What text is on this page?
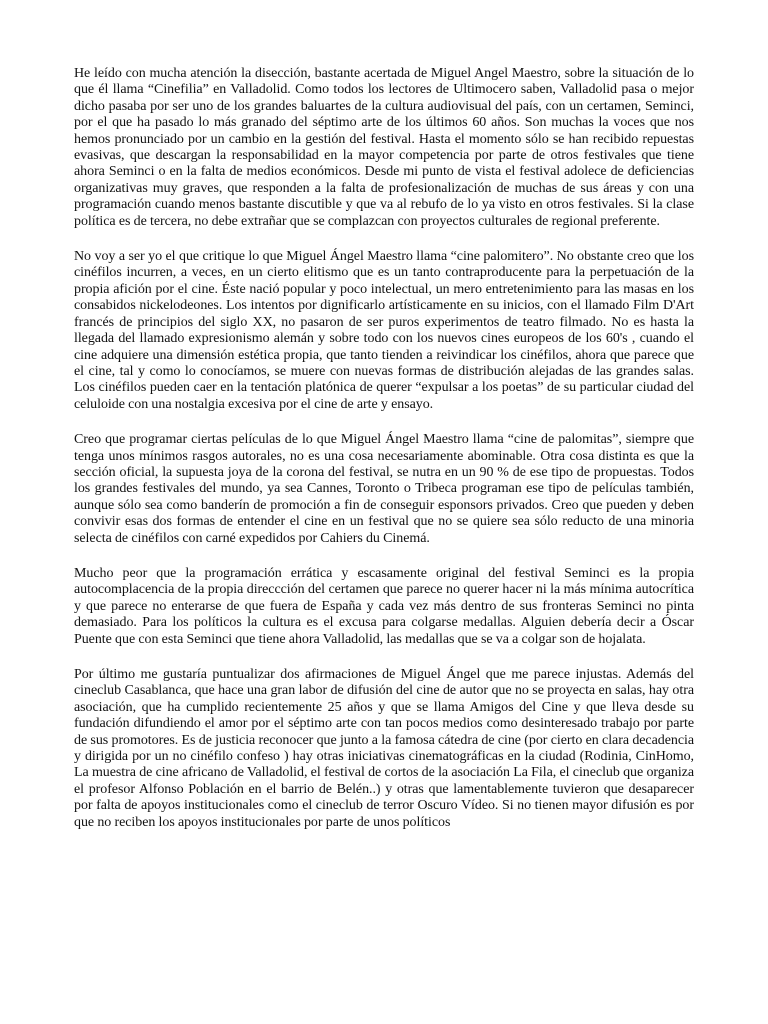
He leído con mucha atención la disección, bastante acertada de Miguel Angel Maestro, sobre la situación de lo que él llama “Cinefilia” en Valladolid. Como todos los lectores de Ultimocero saben, Valladolid pasa o mejor dicho pasaba por ser uno de los grandes baluartes de la cultura audiovisual del país, con un certamen, Seminci, por el que ha pasado lo más granado del séptimo arte de los últimos 60 años. Son muchas la voces que nos hemos pronunciado por un cambio en la gestión del festival. Hasta el momento sólo se han recibido repuestas evasivas, que descargan la responsabilidad en la mayor competencia por parte de otros festivales que tiene ahora Seminci o en la falta de medios económicos. Desde mi punto de vista el festival adolece de deficiencias organizativas muy graves, que responden a la falta de profesionalización de muchas de sus áreas y con una programación cuando menos bastante discutible y que va al rebufo de lo ya visto en otros festivales. Si la clase política es de tercera, no debe extrañar que se complazcan con proyectos culturales de regional preferente.

No voy a ser yo el que critique lo que Miguel Ángel Maestro llama “cine palomitero”. No obstante creo que los cinéfilos incurren, a veces, en un cierto elitismo que es un tanto contraproducente para la perpetuación de la propia afición por el cine. Éste nació popular y poco intelectual, un mero entretenimiento para las masas en los consabidos nickelodeones. Los intentos por dignificarlo artísticamente en su inicios, con el llamado Film D'Art francés de principios del siglo XX, no pasaron de ser puros experimentos de teatro filmado. No es hasta la llegada del llamado expresionismo alemán y sobre todo con los nuevos cines europeos de los 60's , cuando el cine adquiere una dimensión estética propia, que tanto tienden a reivindicar los cinéfilos, ahora que parece que el cine, tal y como lo conocíamos, se muere con nuevas formas de distribución alejadas de las grandes salas. Los cinéfilos pueden caer en la tentación platónica de querer “expulsar a los poetas” de su particular ciudad del celuloide con una nostalgia excesiva por el cine de arte y ensayo.

Creo que programar ciertas películas de lo que Miguel Ángel Maestro llama “cine de palomitas”, siempre que tenga unos mínimos rasgos autorales, no es una cosa necesariamente abominable. Otra cosa distinta es que la sección oficial, la supuesta joya de la corona del festival, se nutra en un 90 % de ese tipo de propuestas. Todos los grandes festivales del mundo, ya sea Cannes, Toronto o Tribeca programan ese tipo de películas también, aunque sólo sea como banderín de promoción a fin de conseguir esponsors privados. Creo que pueden y deben convivir esas dos formas de entender el cine en un festival que no se quiere sea sólo reducto de una minoria selecta de cinéfilos con carné expedidos por Cahiers du Cinemá.

Mucho peor que la programación errática y escasamente original del festival Seminci es la propia autocomplacencia de la propia direccción del certamen que parece no querer hacer ni la más mínima autocrítica y que parece no enterarse de que fuera de España y cada vez más dentro de sus fronteras Seminci no pinta demasiado. Para los políticos la cultura es el excusa para colgarse medallas. Alguien debería decir a Óscar Puente que con esta Seminci que tiene ahora Valladolid, las medallas que se va a colgar son de hojalata.

Por último me gustaría puntualizar dos afirmaciones de Miguel Ángel que me parece injustas. Además del cineclub Casablanca, que hace una gran labor de difusión del cine de autor que no se proyecta en salas, hay otra asociación, que ha cumplido recientemente 25 años y que se llama Amigos del Cine y que lleva desde su fundación difundiendo el amor por el séptimo arte con tan pocos medios como desinteresado trabajo por parte de sus promotores. Es de justicia reconocer que junto a la famosa cátedra de cine (por cierto en clara decadencia y dirigida por un no cinéfilo confeso ) hay otras iniciativas cinematográficas en la ciudad (Rodinia, CinHomo, La muestra de cine africano de Valladolid, el festival de cortos de la asociación La Fila, el cineclub que organiza el profesor Alfonso Población en el barrio de Belén..) y otras que lamentablemente tuvieron que desaparecer por falta de apoyos institucionales como el cineclub de terror Oscuro Vídeo. Si no tienen mayor difusión es por que no reciben los apoyos institucionales por parte de unos políticos
